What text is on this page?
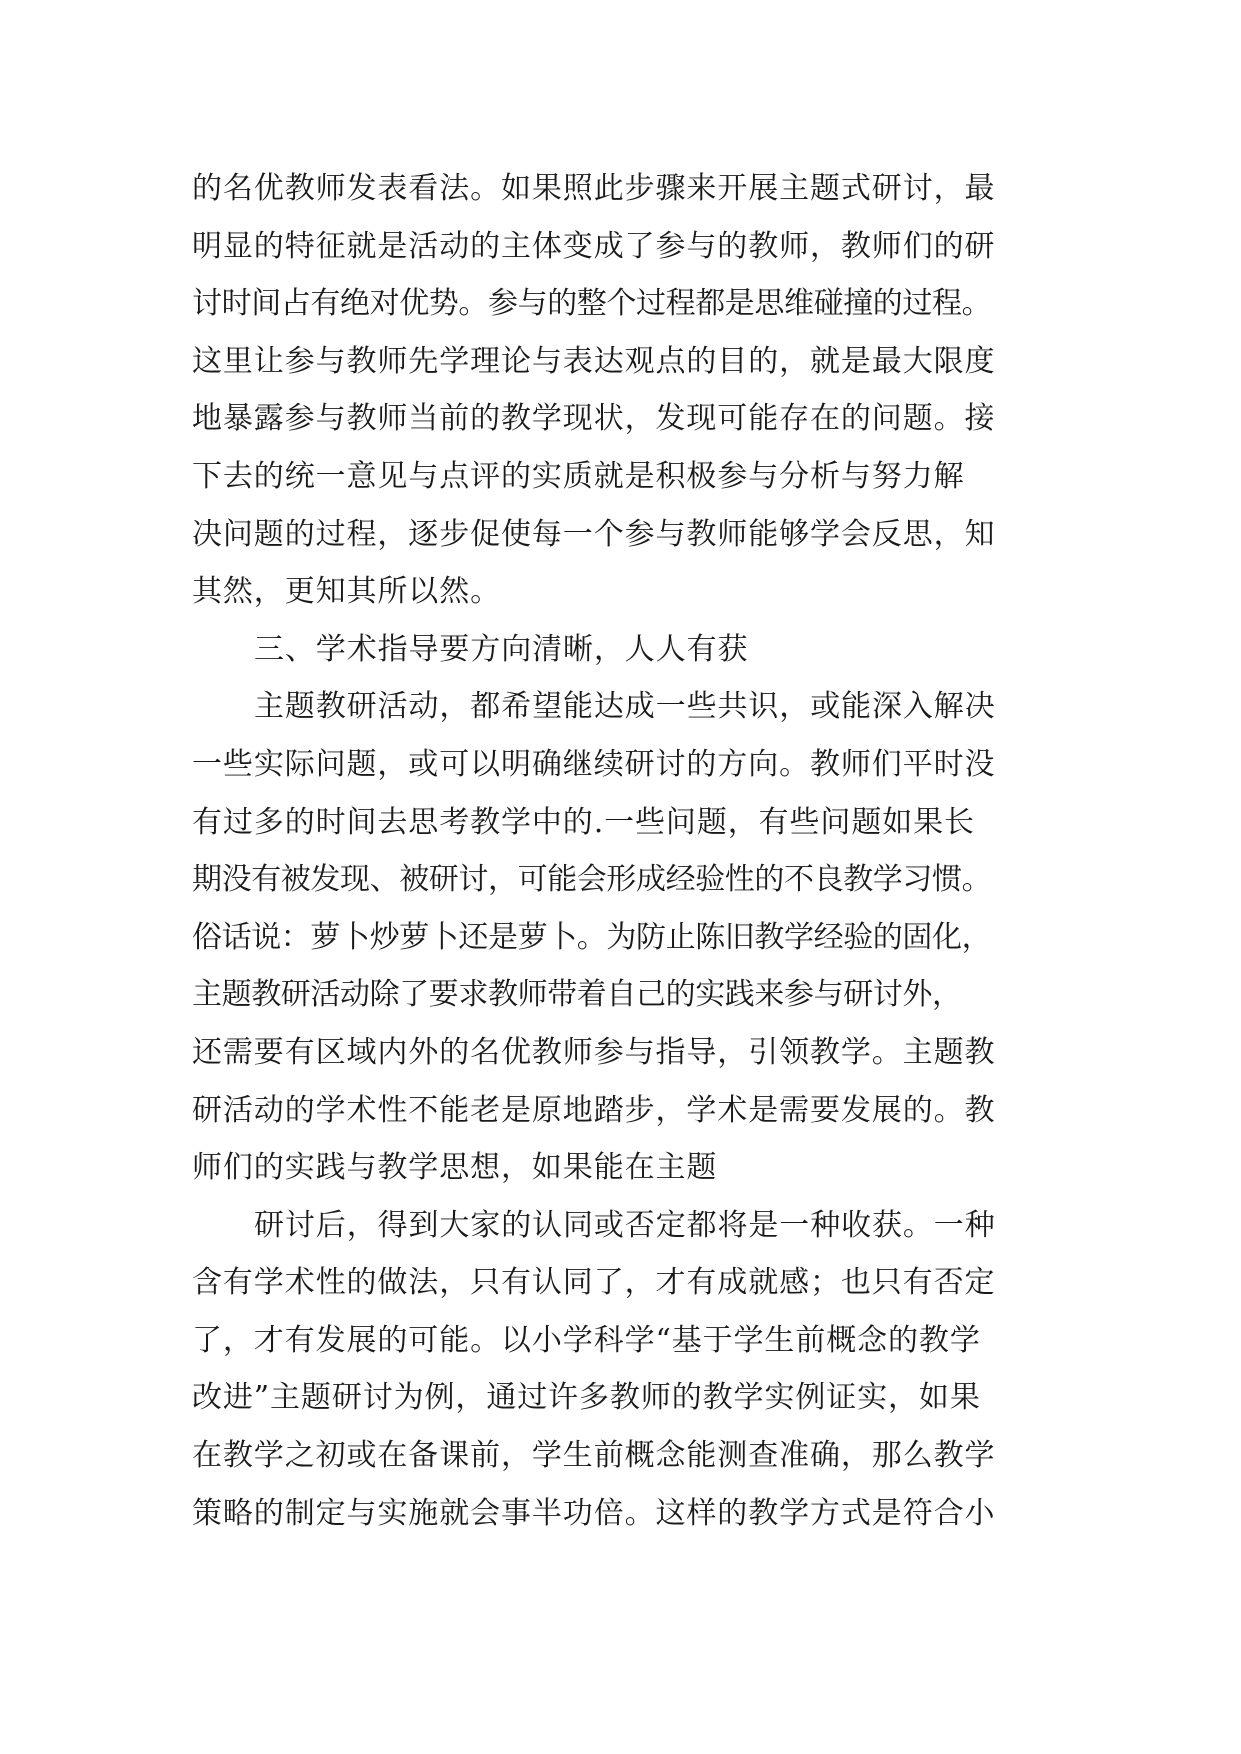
的名优教师发表看法。如果照此步骤来开展主题式研讨，最
明显的特征就是活动的主体变成了参与的教师，教师们的研
讨时间占有绝对优势。参与的整个过程都是思维碰撞的过程。
这里让参与教师先学理论与表达观点的目的，就是最大限度
地暴露参与教师当前的教学现状，发现可能存在的问题。接
下去的统一意见与点评的实质就是积极参与分析与努力解
决问题的过程，逐步促使每一个参与教师能够学会反思，知
其然，更知其所以然。
三、学术指导要方向清晰，人人有获
主题教研活动，都希望能达成一些共识，或能深入解决
一些实际问题，或可以明确继续研讨的方向。教师们平时没
有过多的时间去思考教学中的.一些问题，有些问题如果长
期没有被发现、被研讨，可能会形成经验性的不良教学习惯。
俗话说：萝卜炒萝卜还是萝卜。为防止陈旧教学经验的固化，
主题教研活动除了要求教师带着自己的实践来参与研讨外，
还需要有区域内外的名优教师参与指导，引领教学。主题教
研活动的学术性不能老是原地踏步，学术是需要发展的。教
师们的实践与教学思想，如果能在主题
研讨后，得到大家的认同或否定都将是一种收获。一种
含有学术性的做法，只有认同了，才有成就感；也只有否定
了，才有发展的可能。以小学科学“基于学生前概念的教学
改进”主题研讨为例，通过许多教师的教学实例证实，如果
在教学之初或在备课前，学生前概念能测查准确，那么教学
策略的制定与实施就会事半功倍。这样的教学方式是符合小
